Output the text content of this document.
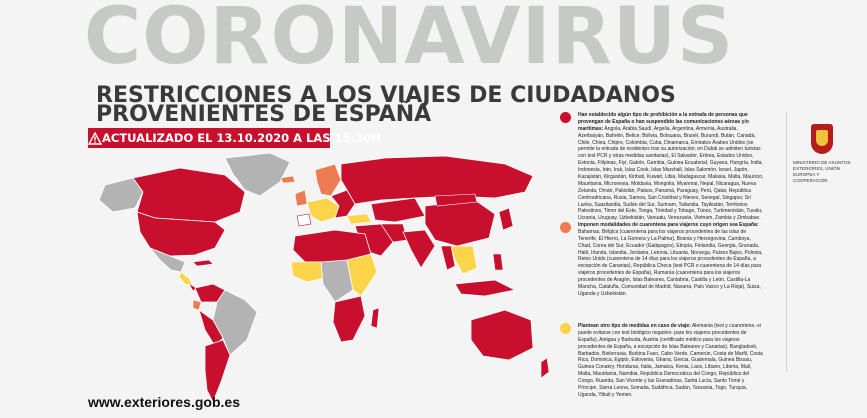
CORONAVIRUS
RESTRICCIONES A LOS VIAJES DE CIUDADANOS
PROVENIENTES DE ESPAÑA
ACTUALIZADO EL 13.10.2020 A LAS 15:30H
Han establecido algún tipo de prohibición a la entrada de personas que provengan de España o han suspendido las comunicaciones aéreas y/o marítimas: Angola, Arabia Saudí, Argelia, Argentina, Armenia, Australia, Azerbaiyán, Bahréin, Belice, Bolivia, Botsuana, Brunéi, Burundi, Bután, Canadá, Chile, China, Chipre, Colombia, Cuba, Dinamarca, Emiratos Árabes Unidos (se permite la entrada de residentes tras su autorización; en Dubái se admiten turistas con test PCR y otras medidas sanitarias), El Salvador, Eritrea, Estados Unidos, Estonia, Filipinas, Fiyi, Gabón, Gambia, Guinea Ecuatorial, Guyana, Hungría, India, Indonesia, Irán, Irak, Islas Cook, Islas Marshall, Islas Salomón, Israel, Japón, Kazajistán, Kirguistán, Kiribati, Kuwait, Libia, Madagascar, Malasia, Malta, Mauricio, Mauritania, Micronesia, Moldavia, Mongolia, Myanmar, Nepal, Nicaragua, Nueva Zelanda, Omán, Pakistán, Palaos, Panamá, Paraguay, Perú, Qatar, República Centroafricana, Rusia, Samoa, San Cristóbal y Nieves, Senegal, Singapur, Sri Lanka, Suazilandia, Sudán del Sur, Surinam, Tailandia, Tayikistán, Territorios Palestinos, Timor del Este, Tonga, Trinidad y Tobago, Túnez, Turkmenistán, Tuvalu, Ucrania, Uruguay, Uzbekistán, Vanuatu, Venezuela, Vietnam, Zambia y Zimbabue.
Imponen modalidades de cuarentena para viajeros cuyo origen sea España: Bahamas, Bélgica (cuarentena para los viajeros procedentes de las islas de Tenerife, El Hierro, La Gomera y La Palma), Bosnia y Herzegovina, Camboya, Chad, Corea del Sur, Ecuador (Galápagos), Etiopía, Finlandia, Georgia, Granada, Haití, Irlanda, Islandia, Jordania, Letonia, Lituania, Noruega, Países Bajos, Polonia, Reino Unido (cuarentena de 14 días para los viajeros procedentes de España, a excepción de Canarias), República Checa (test PCR o cuarentena de 14 días para viajeros procedentes de España), Rumanía (cuarentena para los viajeros procedentes de Aragón, Islas Baleares, Cantabria, Castilla y León, Castilla-La Mancha, Cataluña, Comunidad de Madrid, Navarra, País Vasco y La Rioja), Suiza, Uganda y Uzbekistán.
Plantean otro tipo de medidas en caso de viaje: Alemania (test y cuarentena -si puede evitarse con test biológico negativo- para los viajeros procedentes de España), Antigua y Barbuda, Austria (certificado médico para los viajeros procedentes de España, a excepción de Islas Baleares y Canarias), Bangladesh, Barbados, Bielorrusia, Burkina Faso, Cabo Verde, Camerún, Costa de Marfil, Costa Rica, Dominica, Egipto, Eslovenia, Ghana, Grecia, Guatemala, Guinea Bissau, Guinea Conakry, Honduras, Italia, Jamaica, Kenia, Laos, Líbano, Liberia, Malí, Malta, Mauritania, Namibia, República Democrática del Congo, República del Congo, Ruanda, San Vicente y las Granadinas, Santa Lucía, Santo Tomé y Príncipe, Sierra Leona, Somalia, Sudáfrica, Sudán, Tanzania, Togo, Turquía, Ugandа, Yibuti y Yemen.
MINISTERIO DE ASUNTOS EXTERIORES, UNIÓN EUROPEA Y COOPERACIÓN
www.exteriores.gob.es
